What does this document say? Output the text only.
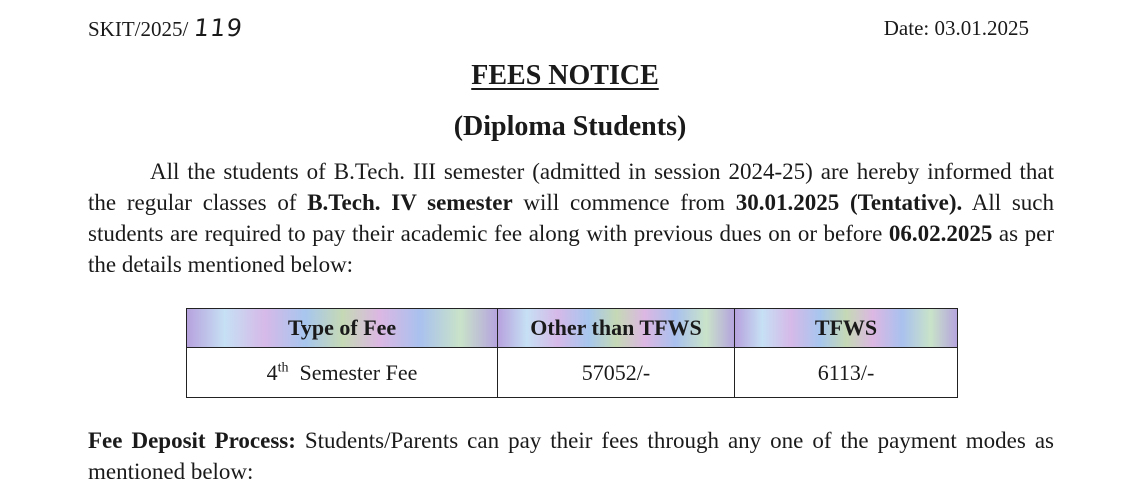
SKIT/2025/ 119	Date: 03.01.2025
FEES NOTICE
(Diploma Students)
All the students of B.Tech. III semester (admitted in session 2024-25) are hereby informed that the regular classes of B.Tech. IV semester will commence from 30.01.2025 (Tentative). All such students are required to pay their academic fee along with previous dues on or before 06.02.2025 as per the details mentioned below:
Type of Fee	Other than TFWS	TFWS
4th Semester Fee	57052/-	6113/-
Fee Deposit Process: Students/Parents can pay their fees through any one of the payment modes as mentioned below:
